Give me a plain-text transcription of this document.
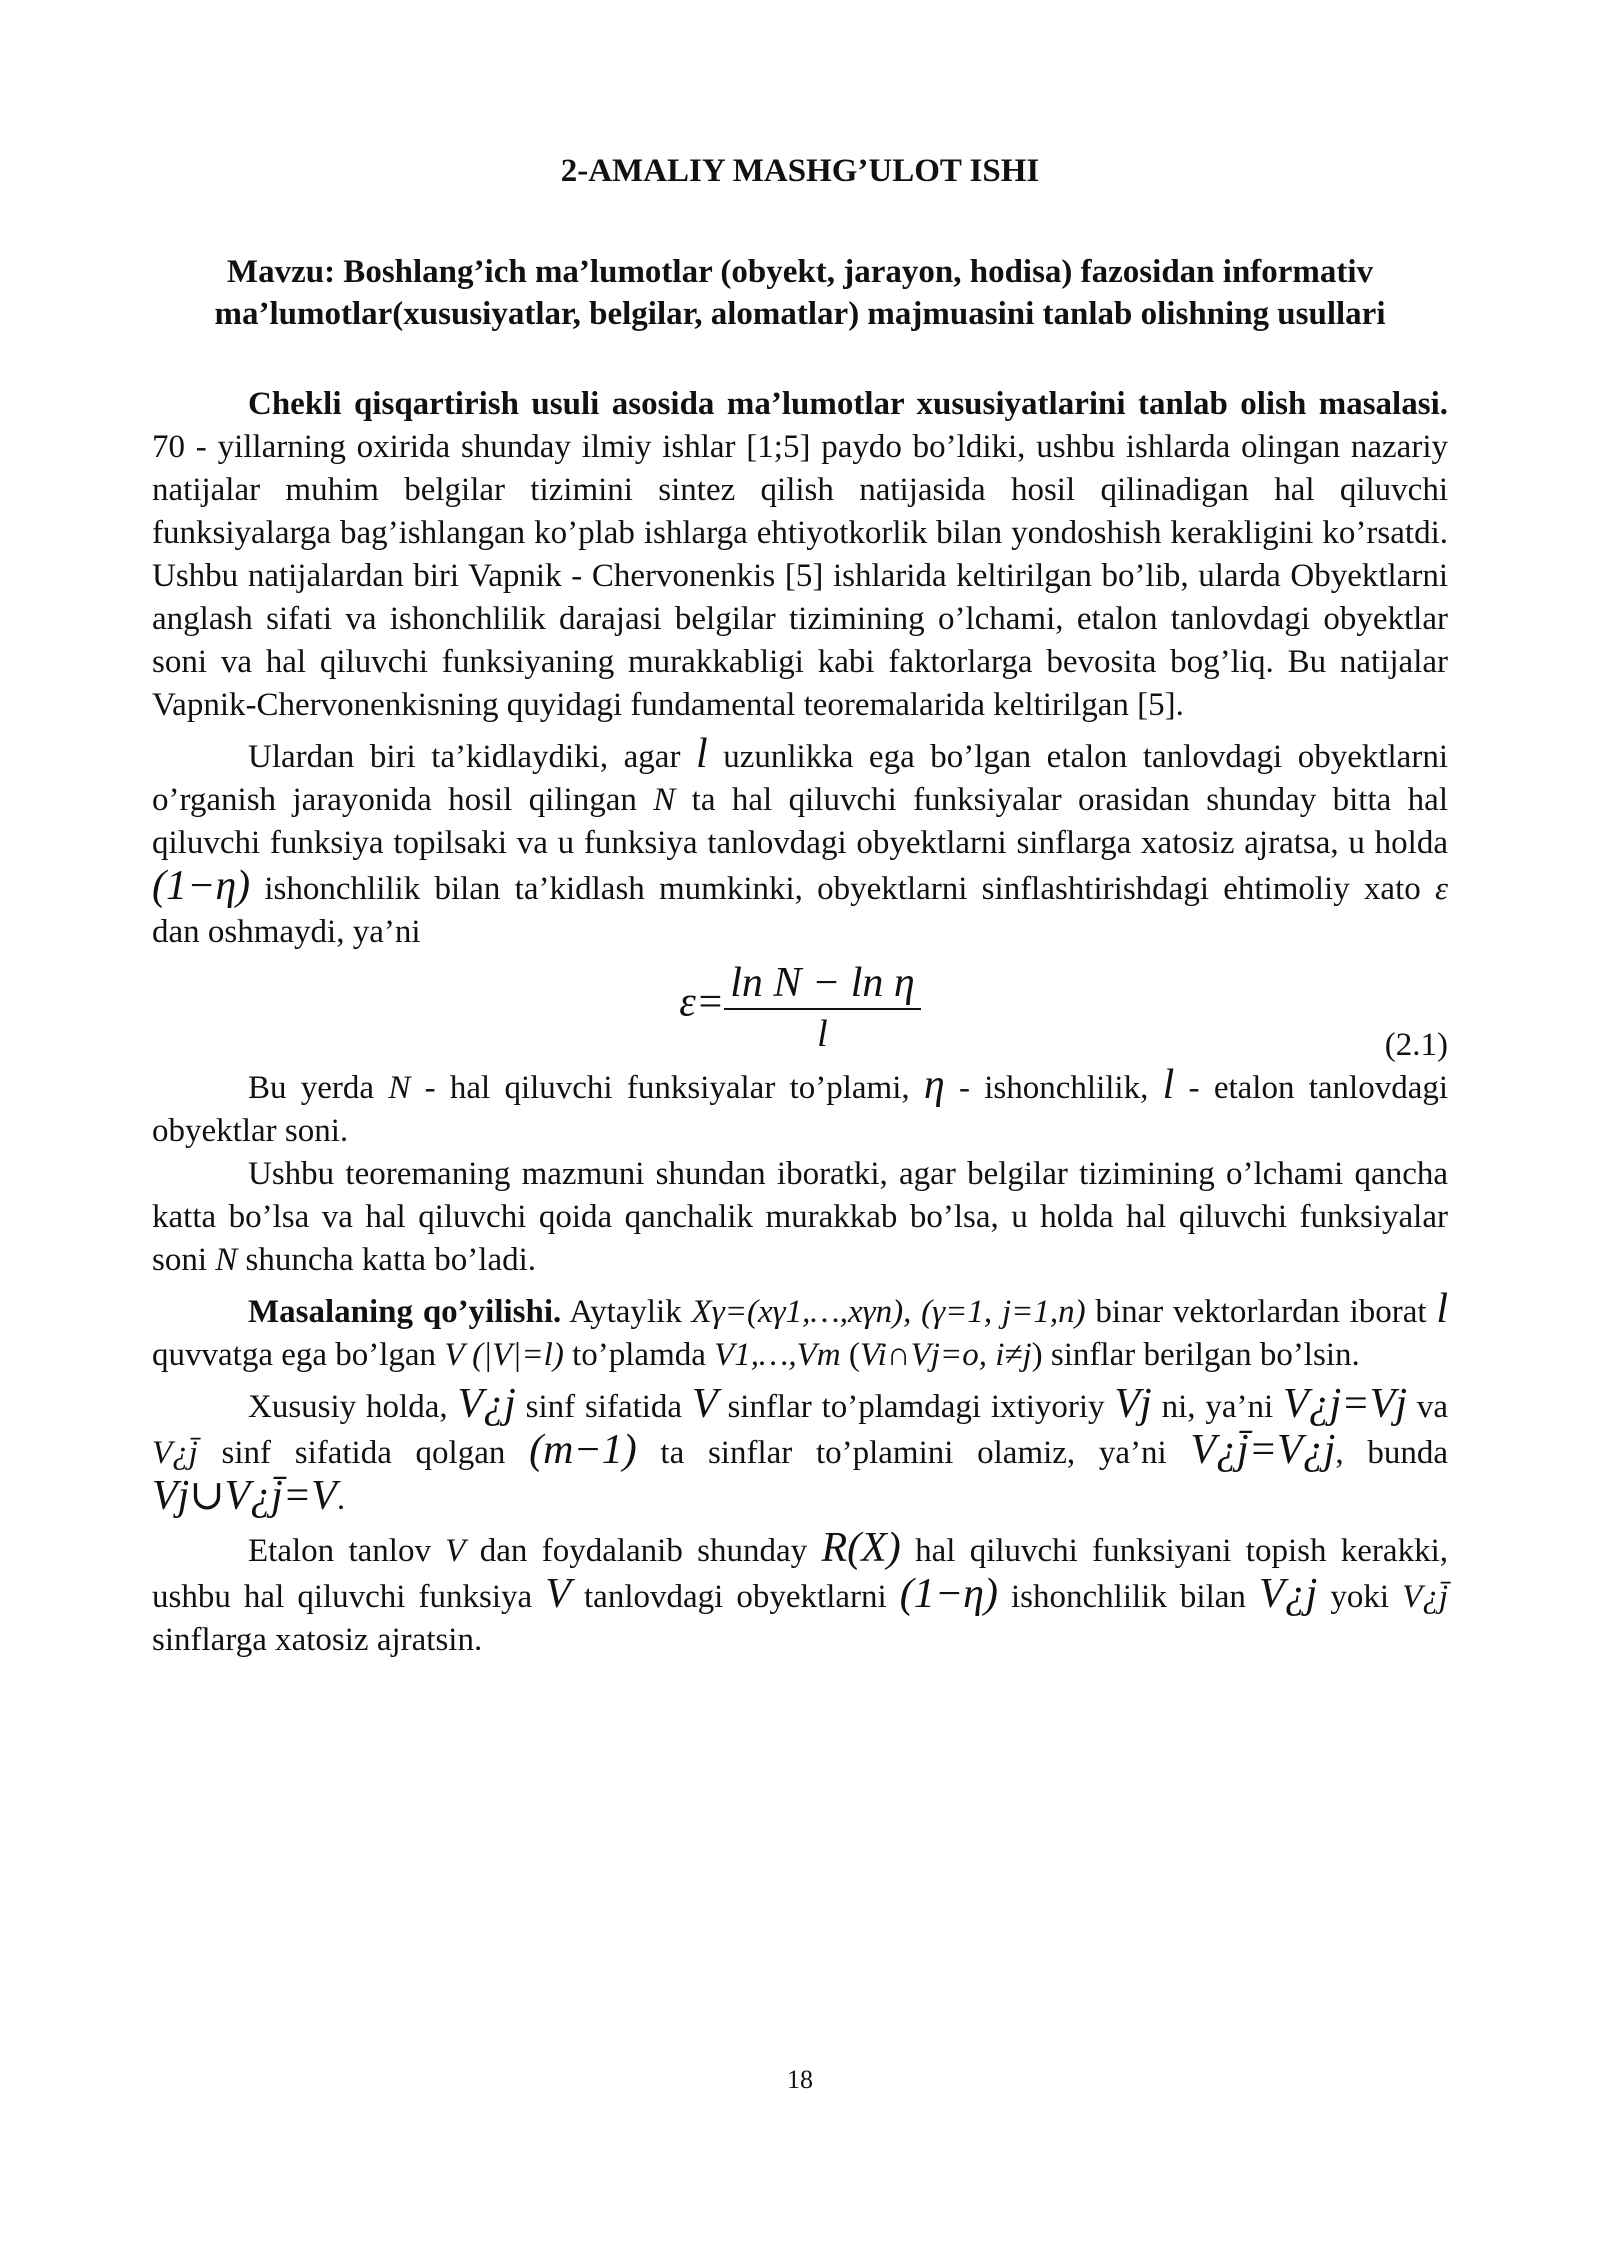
2-AMALIY MASHG’ULOT ISHI
Mavzu: Boshlang’ich ma’lumotlar (obyekt, jarayon, hodisa) fazosidan informativ ma’lumotlar(xususiyatlar, belgilar, alomatlar) majmuasini tanlab olishning usullari

Chekli qisqartirish usuli asosida ma’lumotlar xususiyatlarini tanlab olish masalasi. 70 - yillarning oxirida shunday ilmiy ishlar [1;5] paydo bo’ldiki, ushbu ishlarda olingan nazariy natijalar muhim belgilar tizimini sintez qilish natijasida hosil qilinadigan hal qiluvchi funksiyalarga bag’ishlangan ko’plab ishlarga ehtiyotkorlik bilan yondoshish kerakligini ko’rsatdi. Ushbu natijalardan biri Vapnik - Chervonenkis [5] ishlarida keltirilgan bo’lib, ularda Obyektlarni anglash sifati va ishonchlilik darajasi belgilar tizimining o’lchami, etalon tanlovdagi obyektlar soni va hal qiluvchi funksiyaning murakkabligi kabi faktorlarga bevosita bog’liq. Bu natijalar Vapnik-Chervonenkisning quyidagi fundamental teoremalarida keltirilgan [5].

Ulardan biri ta’kidlaydiki, agar l uzunlikka ega bo’lgan etalon tanlovdagi obyektlarni o’rganish jarayonida hosil qilingan N ta hal qiluvchi funksiyalar orasidan shunday bitta hal qiluvchi funksiya topilsaki va u funksiya tanlovdagi obyektlarni sinflarga xatosiz ajratsa, u holda (1−η) ishonchlilik bilan ta’kidlash mumkinki, obyektlarni sinflashtirishdagi ehtimoliy xato ε dan oshmaydi, ya’ni

$\varepsilon= \frac{\text{ln N − ln η}}{l}$	(2.1)

Bu yerda N - hal qiluvchi funksiyalar to’plami, η - ishonchlilik, l - etalon tanlovdagi obyektlar soni.

Ushbu teoremaning mazmuni shundan iboratki, agar belgilar tizimining o’lchami qancha katta bo’lsa va hal qiluvchi qoida qanchalik murakkab bo’lsa, u holda hal qiluvchi funksiyalar soni N shuncha katta bo’ladi.

Masalaning qo’yilishi. Aytaylik Xγ=(xγ1,…,xγn), (γ=1, j=1,n) binar vektorlardan iborat l quvvatga ega bo’lgan V (|V|=l) to’plamda V1,…,Vm (Vi∩Vj=o, i≠j) sinflar berilgan bo’lsin.

Xususiy holda, V¿j sinf sifatida V sinflar to’plamdagi ixtiyoriy Vj ni, ya’ni V¿j=Vj va V¿j̄ sinf sifatida qolgan (m−1) ta sinflar to’plamini olamiz, ya’ni V¿j̄=V¿j, bunda Vj∪V¿j̄=V.

Etalon tanlov V dan foydalanib shunday R(X) hal qiluvchi funksiyani topish kerakki, ushbu hal qiluvchi funksiya V tanlovdagi obyektlarni (1−η) ishonchlilik bilan V¿j yoki V¿j̄ sinflarga xatosiz ajratsin.

18
